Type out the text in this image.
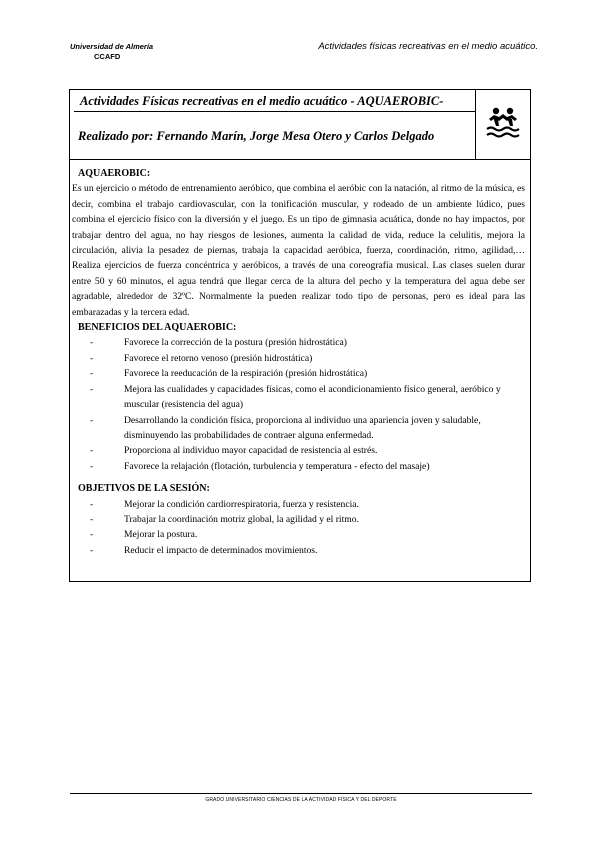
Universidad de Almería
CCAFD
Actividades físicas recreativas en el medio acuático.
Actividades Físicas recreativas en el medio acuático - AQUAEROBIC-
Realizado por: Fernando Marín, Jorge Mesa Otero y Carlos Delgado
AQUAEROBIC:
Es un ejercicio o método de entrenamiento aeróbico, que combina el aeróbic con la natación, al ritmo de la música, es decir, combina el trabajo cardiovascular, con la tonificación muscular, y rodeado de un ambiente lúdico, pues combina el ejercicio físico con la diversión y el juego. Es un tipo de gimnasia acuática, donde no hay impactos, por trabajar dentro del agua, no hay riesgos de lesiones, aumenta la calidad de vida, reduce la celulitis, mejora la circulación, alivia la pesadez de piernas, trabaja la capacidad aeróbica, fuerza, coordinación, ritmo, agilidad,… Realiza ejercicios de fuerza concéntrica y aeróbicos, a través de una coreografía musical. Las clases suelen durar entre 50 y 60 minutos, el agua tendrá que llegar cerca de la altura del pecho y la temperatura del agua debe ser agradable, alrededor de 32ºC. Normalmente la pueden realizar todo tipo de personas, pero es ideal para las embarazadas y la tercera edad.
BENEFICIOS DEL AQUAEROBIC:
- Favorece la corrección de la postura (presión hidrostática)
- Favorece el retorno venoso (presión hidrostática)
- Favorece la reeducación de la respiración (presión hidrostática)
- Mejora las cualidades y capacidades físicas, como el acondicionamiento físico general, aeróbico y muscular (resistencia del agua)
- Desarrollando la condición física, proporciona al individuo una apariencia joven y saludable, disminuyendo las probabilidades de contraer alguna enfermedad.
- Proporciona al individuo mayor capacidad de resistencia al estrés.
- Favorece la relajación (flotación, turbulencia y temperatura - efecto del masaje)
OBJETIVOS DE LA SESIÓN:
- Mejorar la condición cardiorrespiratoria, fuerza y resistencia.
- Trabajar la coordinación motriz global, la agilidad y el ritmo.
- Mejorar la postura.
- Reducir el impacto de determinados movimientos.
GRADO UNIVERSITARIO CIENCIAS DE LA ACTIVIDAD FÍSICA Y DEL DEPORTE
